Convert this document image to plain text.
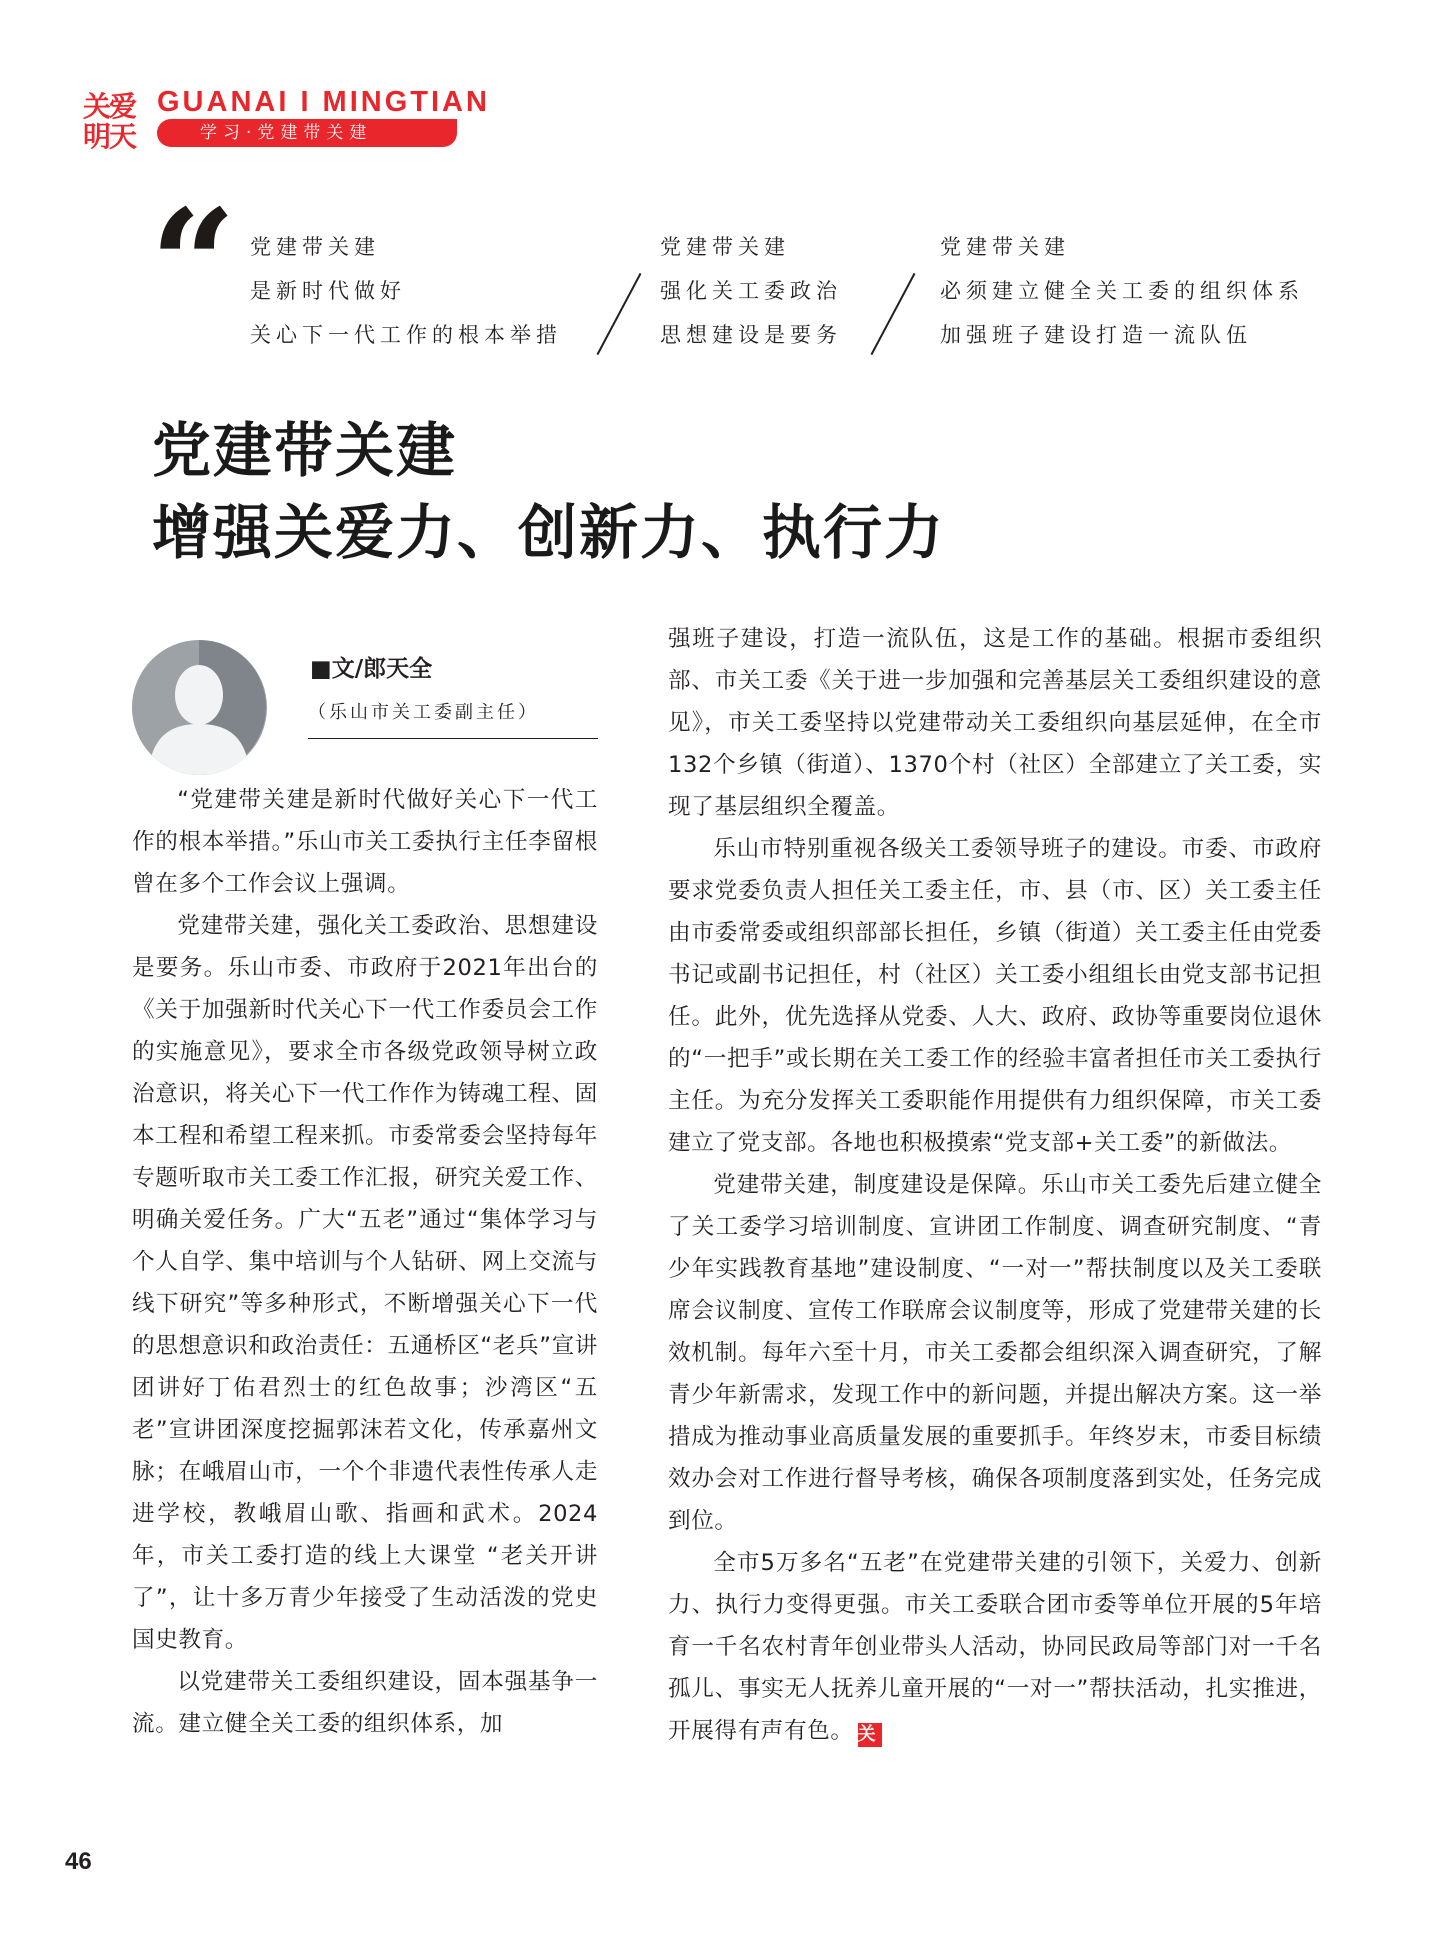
关爱明天
GUANAI I MINGTIAN
学习·党建带关建
“ 党建带关建
是新时代做好
关心下一代工作的根本举措
党建带关建
强化关工委政治
思想建设是要务
党建带关建
必须建立健全关工委的组织体系
加强班子建设打造一流队伍
党建带关建
增强关爱力、创新力、执行力
■文/郎天全
（乐山市关工委副主任）

“党建带关建是新时代做好关心下一代工作的根本举措。”乐山市关工委执行主任李留根曾在多个工作会议上强调。

党建带关建，强化关工委政治、思想建设是要务。乐山市委、市政府于2021年出台的《关于加强新时代关心下一代工作委员会工作的实施意见》，要求全市各级党政领导树立政治意识，将关心下一代工作作为铸魂工程、固本工程和希望工程来抓。市委常委会坚持每年专题听取市关工委工作汇报，研究关爱工作、明确关爱任务。广大“五老”通过“集体学习与个人自学、集中培训与个人钻研、网上交流与线下研究”等多种形式，不断增强关心下一代的思想意识和政治责任：五通桥区“老兵”宣讲团讲好丁佑君烈士的红色故事；沙湾区“五老”宣讲团深度挖掘郭沫若文化，传承嘉州文脉；在峨眉山市，一个个非遗代表性传承人走进学校，教峨眉山歌、指画和武术。2024年，市关工委打造的线上大课堂 “老关开讲了”，让十多万青少年接受了生动活泼的党史国史教育。

以党建带关工委组织建设，固本强基争一流。建立健全关工委的组织体系，加

强班子建设，打造一流队伍，这是工作的基础。根据市委组织部、市关工委《关于进一步加强和完善基层关工委组织建设的意见》，市关工委坚持以党建带动关工委组织向基层延伸，在全市132个乡镇（街道）、1370个村（社区）全部建立了关工委，实现了基层组织全覆盖。

乐山市特别重视各级关工委领导班子的建设。市委、市政府要求党委负责人担任关工委主任，市、县（市、区）关工委主任由市委常委或组织部部长担任，乡镇（街道）关工委主任由党委书记或副书记担任，村（社区）关工委小组组长由党支部书记担任。此外，优先选择从党委、人大、政府、政协等重要岗位退休的“一把手”或长期在关工委工作的经验丰富者担任市关工委执行主任。为充分发挥关工委职能作用提供有力组织保障，市关工委建立了党支部。各地也积极摸索“党支部+关工委”的新做法。

党建带关建，制度建设是保障。乐山市关工委先后建立健全了关工委学习培训制度、宣讲团工作制度、调查研究制度、“青少年实践教育基地”建设制度、“一对一”帮扶制度以及关工委联席会议制度、宣传工作联席会议制度等，形成了党建带关建的长效机制。每年六至十月，市关工委都会组织深入调查研究，了解青少年新需求，发现工作中的新问题，并提出解决方案。这一举措成为推动事业高质量发展的重要抓手。年终岁末，市委目标绩效办会对工作进行督导考核，确保各项制度落到实处，任务完成到位。

全市5万多名“五老”在党建带关建的引领下，关爱力、创新力、执行力变得更强。市关工委联合团市委等单位开展的5年培育一千名农村青年创业带头人活动，协同民政局等部门对一千名孤儿、事实无人抚养儿童开展的“一对一”帮扶活动，扎实推进，开展得有声有色。 关

46
